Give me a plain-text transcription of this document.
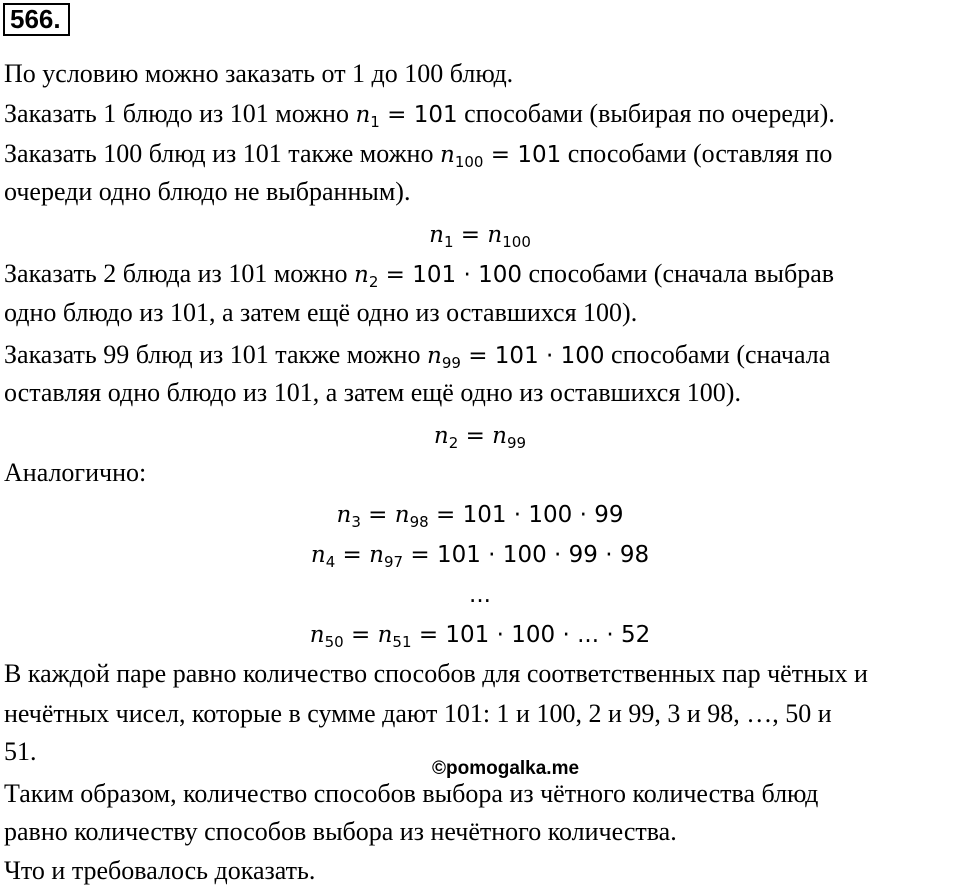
566.
По условию можно заказать от 1 до 100 блюд.
Заказать 1 блюдо из 101 можно $n_1 = 101$ способами (выбирая по очереди).
Заказать 100 блюд из 101 также можно $n_{100} = 101$ способами (оставляя по
очереди одно блюдо не выбранным).
$n_1 = n_{100}$
Заказать 2 блюда из 101 можно $n_2 = 101 \cdot 100$ способами (сначала выбрав
одно блюдо из 101, а затем ещё одно из оставшихся 100).
Заказать 99 блюд из 101 также можно $n_{99} = 101 \cdot 100$ способами (сначала
оставляя одно блюдо из 101, а затем ещё одно из оставшихся 100).
$n_2 = n_{99}$
Аналогично:
$n_3 = n_{98} = 101 \cdot 100 \cdot 99$
$n_4 = n_{97} = 101 \cdot 100 \cdot 99 \cdot 98$
...
$n_{50} = n_{51} = 101 \cdot 100$ · ... · 52
В каждой паре равно количество способов для соответственных пар чётных и
нечётных чисел, которые в сумме дают 101: 1 и 100, 2 и 99, 3 и 98, …, 50 и
51.
©pomogalka.me
Таким образом, количество способов выбора из чётного количества блюд
равно количеству способов выбора из нечётного количества.
Что и требовалось доказать.
